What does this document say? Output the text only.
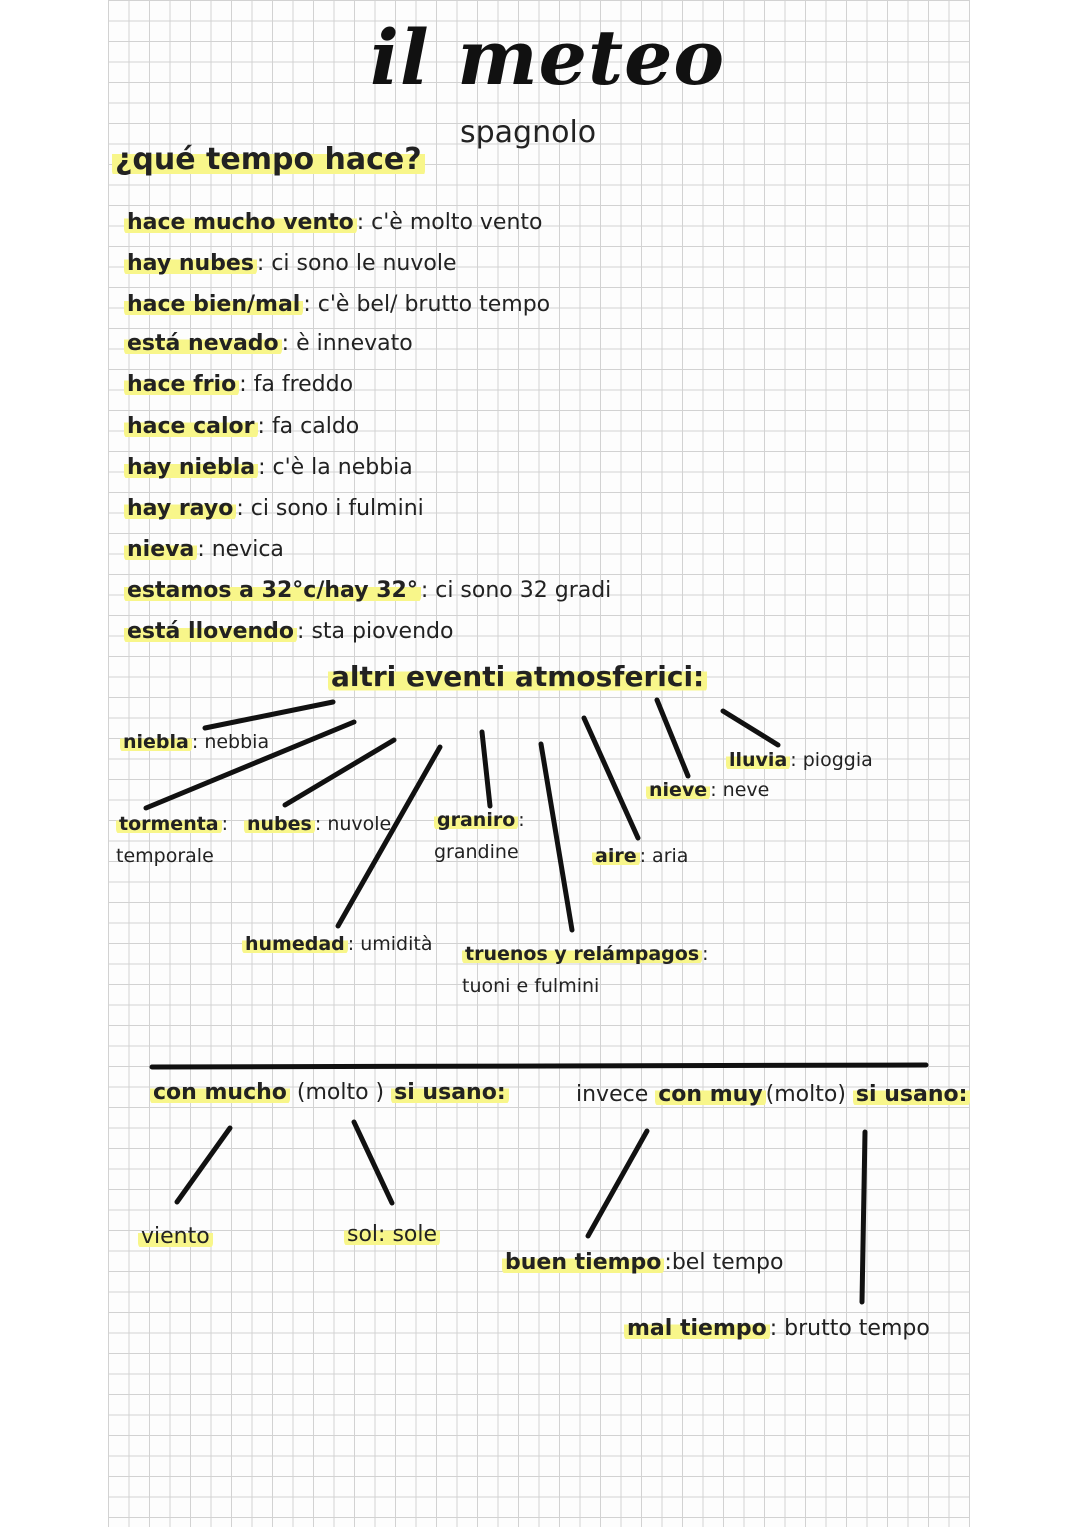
il meteo
spagnolo
¿qué tempo hace?
hace mucho vento : c'è molto vento
hay nubes : ci sono le nuvole
hace bien/mal : c'è bel/ brutto tempo
está nevado : è innevato
hace frio : fa freddo
hace calor : fa caldo
hay niebla : c'è la nebbia
hay rayo : ci sono i fulmini
nieva : nevica
estamos a 32°c/hay 32° : ci sono 32 gradi
está llovendo : sta piovendo
altri eventi atmosferici:
niebla : nebbia
tormenta :
temporale
nubes : nuvole
humedad : umidità
graniro :
grandine
truenos y relámpagos :
tuoni e fulmini
aire : aria
nieve : neve
lluvia : pioggia
con mucho (molto ) si usano:	invece con muy (molto) si usano:
viento	sol: sole
buen tiempo :bel tempo
mal tiempo : brutto tempo
